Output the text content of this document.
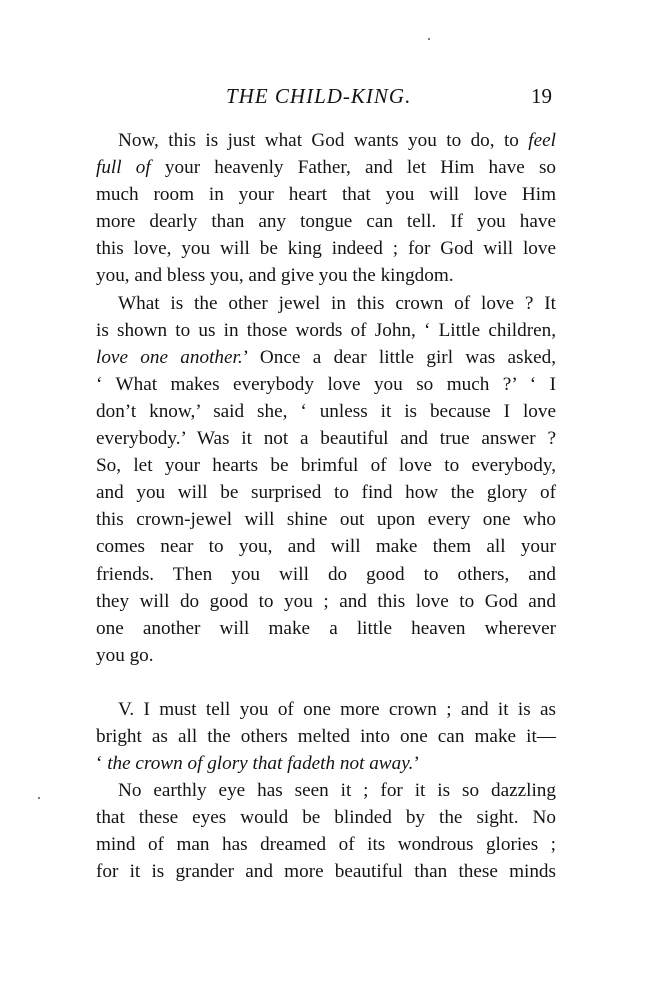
THE CHILD-KING.	19

Now, this is just what God wants you to do, to feel
full of your heavenly Father, and let Him have so
much room in your heart that you will love Him
more dearly than any tongue can tell. If you have
this love, you will be king indeed ; for God will love
you, and bless you, and give you the kingdom.

What is the other jewel in this crown of love ? It
is shown to us in those words of John, ‘ Little children,
love one another.’ Once a dear little girl was asked,
‘ What makes everybody love you so much ?’ ‘ I
don’t know,’ said she, ‘ unless it is because I love
everybody.’ Was it not a beautiful and true answer ?
So, let your hearts be brimful of love to everybody,
and you will be surprised to find how the glory of
this crown-jewel will shine out upon every one who
comes near to you, and will make them all your
friends. Then you will do good to others, and
they will do good to you ; and this love to God and
one another will make a little heaven wherever
you go.

V. I must tell you of one more crown ; and it is as
bright as all the others melted into one can make it—
‘ the crown of glory that fadeth not away.’

No earthly eye has seen it ; for it is so dazzling
that these eyes would be blinded by the sight. No
mind of man has dreamed of its wondrous glories ;
for it is grander and more beautiful than these minds
